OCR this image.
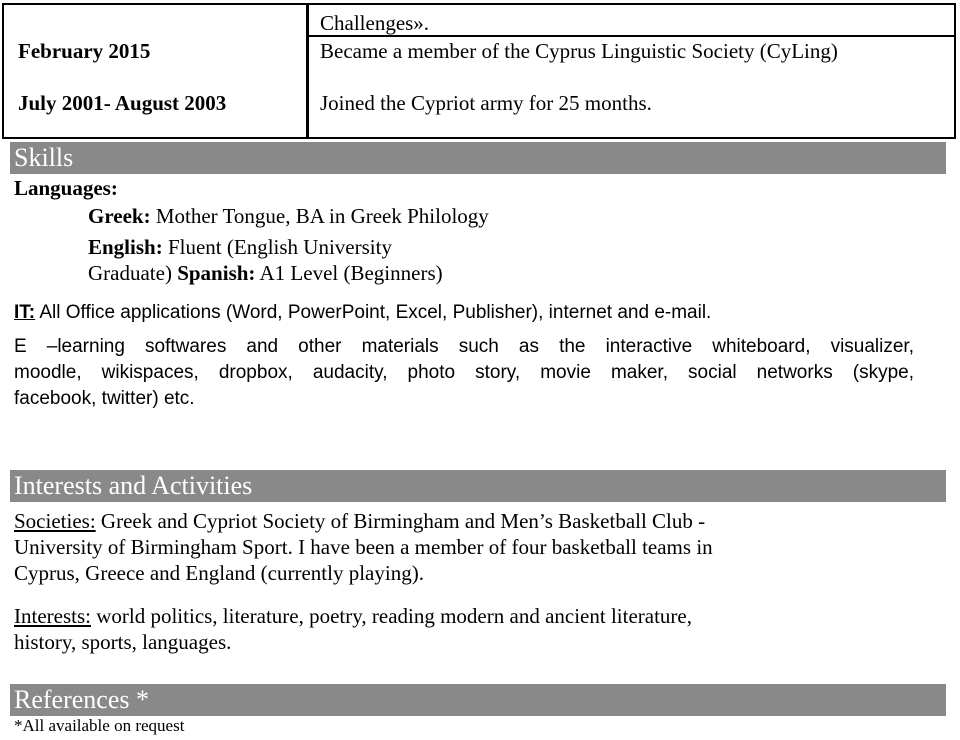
Challenges».
February 2015	Became a member of the Cyprus Linguistic Society (CyLing)
July 2001- August 2003	Joined the Cypriot army for 25 months.
Skills
Languages:
Greek: Mother Tongue, BA in Greek Philology
English: Fluent (English University
Graduate) Spanish: A1 Level (Beginners)
IT: All Office applications (Word, PowerPoint, Excel, Publisher), internet and e-mail.
E –learning softwares and other materials such as the interactive whiteboard, visualizer,
moodle, wikispaces, dropbox, audacity, photo story, movie maker, social networks (skype,
facebook, twitter) etc.
Interests and Activities
Societies: Greek and Cypriot Society of Birmingham and Men’s Basketball Club -
University of Birmingham Sport. I have been a member of four basketball teams in
Cyprus, Greece and England (currently playing).
Interests: world politics, literature, poetry, reading modern and ancient literature,
history, sports, languages.
References *
*All available on request
